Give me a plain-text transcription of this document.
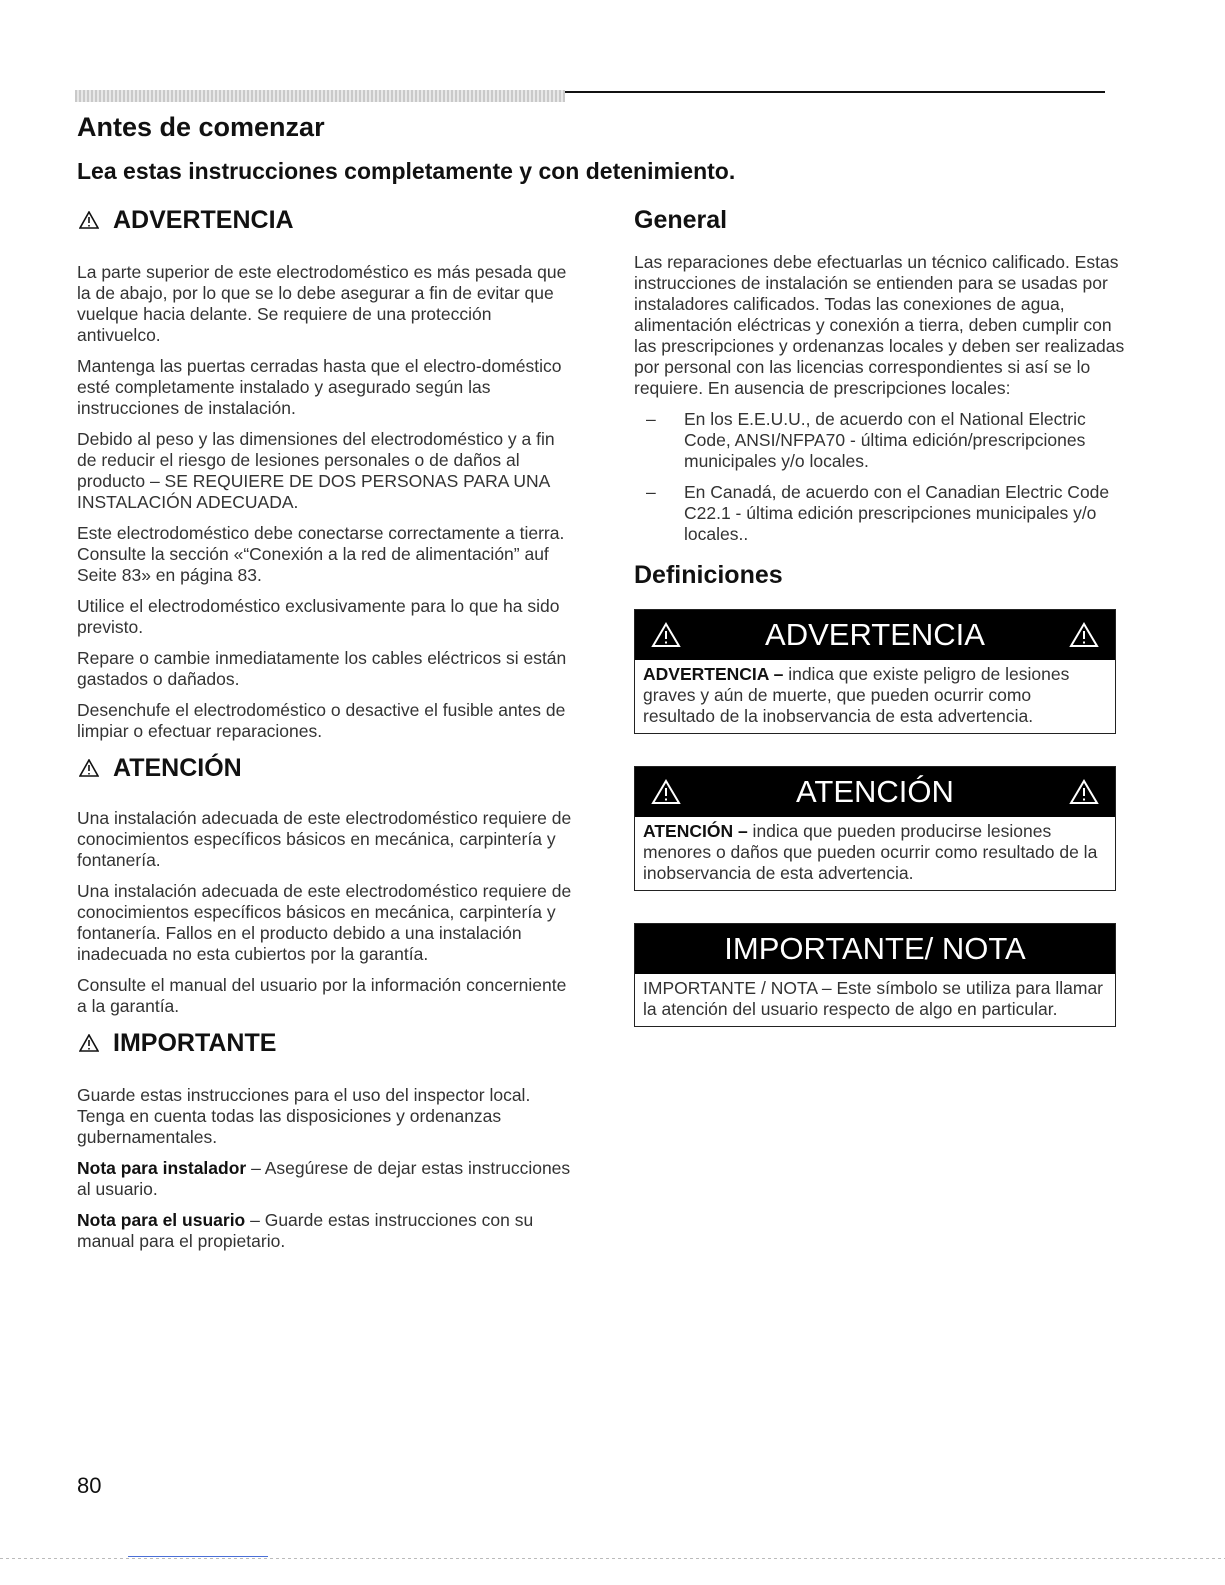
Antes de comenzar
Lea estas instrucciones completamente y con detenimiento.
ADVERTENCIA

La parte superior de este electrodoméstico es más pesada que la de abajo, por lo que se lo debe asegurar a fin de evitar que vuelque hacia delante. Se requiere de una protección antivuelco.

Mantenga las puertas cerradas hasta que el electro-doméstico esté completamente instalado y asegurado según las instrucciones de instalación.

Debido al peso y las dimensiones del electrodoméstico y a fin de reducir el riesgo de lesiones personales o de daños al producto – SE REQUIERE DE DOS PERSONAS PARA UNA INSTALACIÓN ADECUADA.

Este electrodoméstico debe conectarse correctamente a tierra. Consulte la sección «“Conexión a la red de alimentación” auf Seite 83» en página 83.

Utilice el electrodoméstico exclusivamente para lo que ha sido previsto.

Repare o cambie inmediatamente los cables eléctricos si están gastados o dañados.

Desenchufe el electrodoméstico o desactive el fusible antes de limpiar o efectuar reparaciones.

ATENCIÓN

Una instalación adecuada de este electrodoméstico requiere de conocimientos específicos básicos en mecánica, carpintería y fontanería.

Una instalación adecuada de este electrodoméstico requiere de conocimientos específicos básicos en mecánica, carpintería y fontanería. Fallos en el producto debido a una instalación inadecuada no esta cubiertos por la garantía.

Consulte el manual del usuario por la información concerniente a la garantía.

IMPORTANTE

Guarde estas instrucciones para el uso del inspector local. Tenga en cuenta todas las disposiciones y ordenanzas gubernamentales.

Nota para instalador – Asegúrese de dejar estas instrucciones al usuario.

Nota para el usuario – Guarde estas instrucciones con su manual para el propietario.

General

Las reparaciones debe efectuarlas un técnico calificado. Estas instrucciones de instalación se entienden para se usadas por instaladores calificados. Todas las conexiones de agua, alimentación eléctricas y conexión a tierra, deben cumplir con las prescripciones y ordenanzas locales y deben ser realizadas por personal con las licencias correspondientes si así se lo requiere. En ausencia de prescripciones locales:

–	En los E.E.U.U., de acuerdo con el National Electric Code, ANSI/NFPA70 - última edición/prescripciones municipales y/o locales.
–	En Canadá, de acuerdo con el Canadian Electric Code C22.1 - última edición prescripciones municipales y/o locales..
Definiciones
ADVERTENCIA
ADVERTENCIA – indica que existe peligro de lesiones graves y aún de muerte, que pueden ocurrir como resultado de la inobservancia de esta advertencia.
ATENCIÓN
ATENCIÓN – indica que pueden producirse lesiones menores o daños que pueden ocurrir como resultado de la inobservancia de esta advertencia.
IMPORTANTE/ NOTA
IMPORTANTE / NOTA – Este símbolo se utiliza para llamar la atención del usuario respecto de algo en particular.
80
